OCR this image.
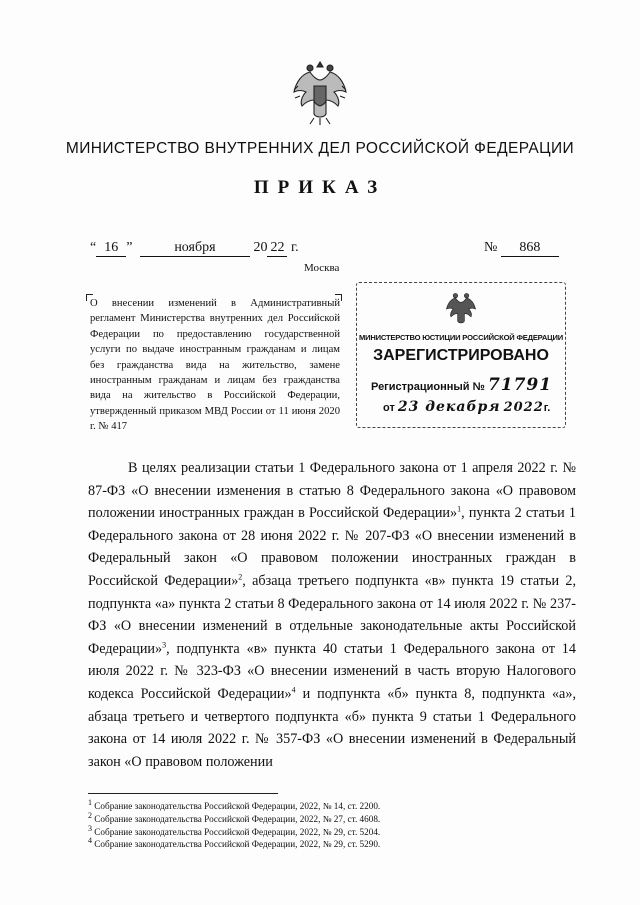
МИНИСТЕРСТВО ВНУТРЕННИХ ДЕЛ РОССИЙСКОЙ ФЕДЕРАЦИИ
ПРИКАЗ
“ 16 ”	ноября	20 22 г.	№ 868
Москва
О внесении изменений в Административный регламент Министерства внутренних дел Российской Федерации по предоставлению государственной услуги по выдаче иностранным гражданам и лицам без гражданства вида на жительство, замене иностранным гражданам и лицам без гражданства вида на жительство в Российской Федерации, утвержденный приказом МВД России от 11 июня 2020 г. № 417
МИНИСТЕРСТВО ЮСТИЦИИ РОССИЙСКОЙ ФЕДЕРАЦИИ
ЗАРЕГИСТРИРОВАНО
Регистрационный № 71791
от 23 декабря 2022г.

В целях реализации статьи 1 Федерального закона от 1 апреля 2022 г. № 87-ФЗ «О внесении изменения в статью 8 Федерального закона «О правовом положении иностранных граждан в Российской Федерации»$^1$, пункта 2 статьи 1 Федерального закона от 28 июня 2022 г. № 207-ФЗ «О внесении изменений в Федеральный закон «О правовом положении иностранных граждан в Российской Федерации»$^2$, абзаца третьего подпункта «в» пункта 19 статьи 2, подпункта «а» пункта 2 статьи 8 Федерального закона от 14 июля 2022 г. № 237-ФЗ «О внесении изменений в отдельные законодательные акты Российской Федерации»$^3$, подпункта «в» пункта 40 статьи 1 Федерального закона от 14 июля 2022 г. № 323-ФЗ «О внесении изменений в часть вторую Налогового кодекса Российской Федерации»$^4$ и подпункта «б» пункта 8, подпункта «а», абзаца третьего и четвертого подпункта «б» пункта 9 статьи 1 Федерального закона от 14 июля 2022 г. № 357-ФЗ «О внесении изменений в Федеральный закон «О правовом положении

$^1$ Собрание законодательства Российской Федерации, 2022, № 14, ст. 2200.
$^2$ Собрание законодательства Российской Федерации, 2022, № 27, ст. 4608.
$^3$ Собрание законодательства Российской Федерации, 2022, № 29, ст. 5204.
$^4$ Собрание законодательства Российской Федерации, 2022, № 29, ст. 5290.
